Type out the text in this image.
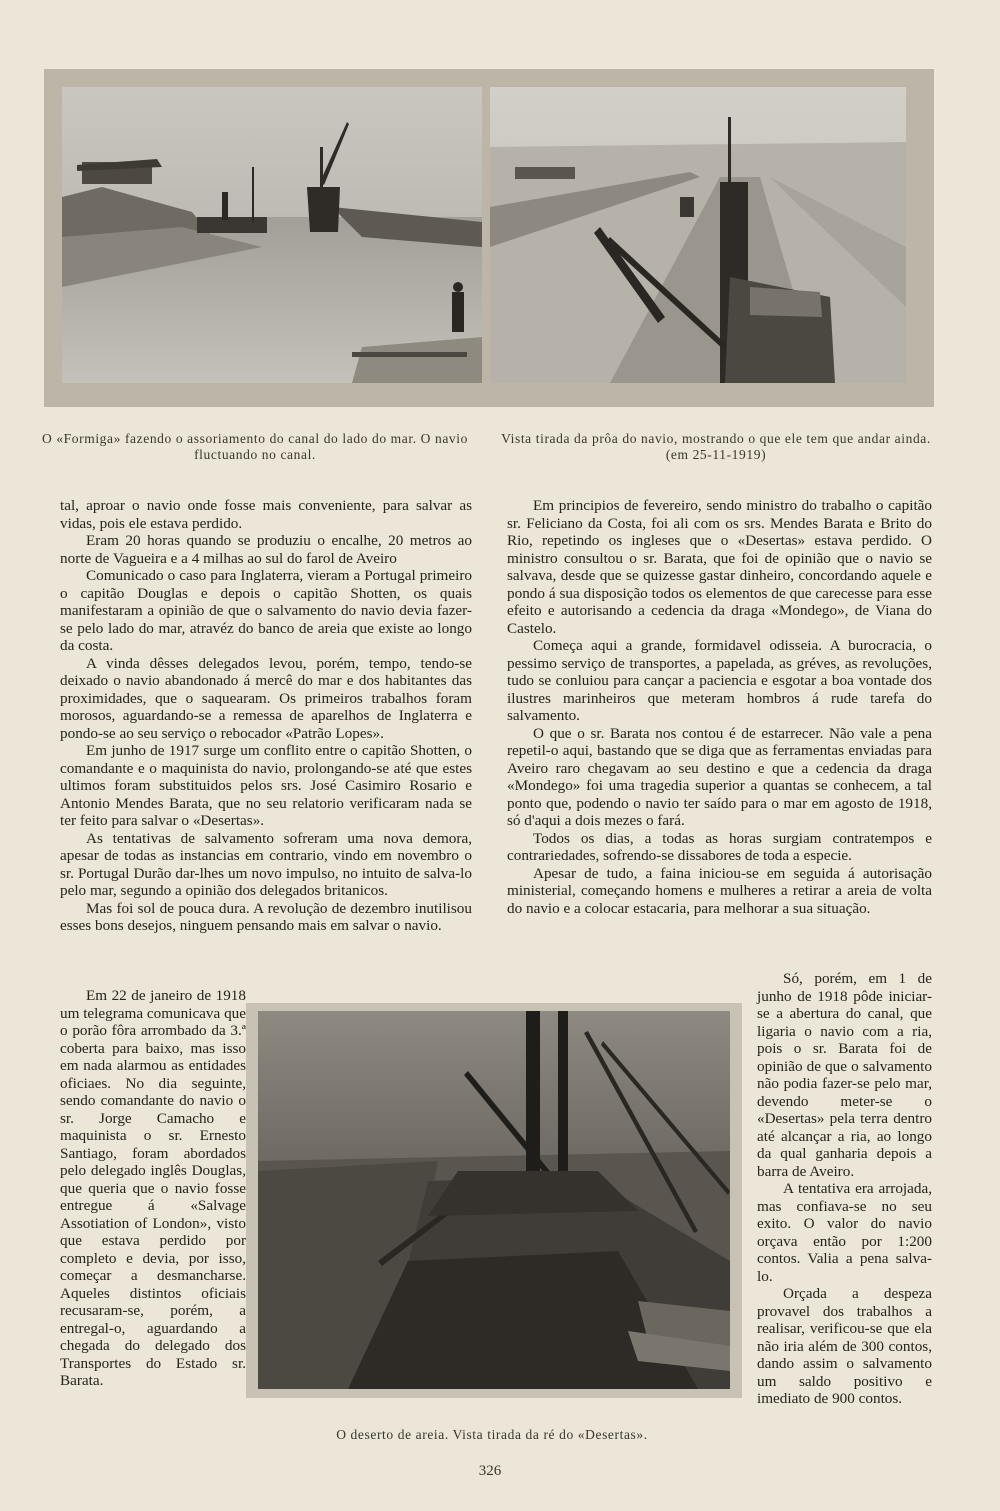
O «Formiga» fazendo o assoriamento do canal do lado do mar. O navio fluctuando no canal.
Vista tirada da prôa do navio, mostrando o que ele tem que andar ainda. (em 25-11-1919)

tal, aproar o navio onde fosse mais conveniente, para salvar as vidas, pois ele estava perdido.

Eram 20 horas quando se produziu o encalhe, 20 metros ao norte de Vagueira e a 4 milhas ao sul do farol de Aveiro

Comunicado o caso para Inglaterra, vieram a Portugal primeiro o capitão Douglas e depois o capitão Shotten, os quais manifestaram a opinião de que o salvamento do navio devia fazer-se pelo lado do mar, atravéz do banco de areia que existe ao longo da costa.

A vinda dêsses delegados levou, porém, tempo, tendo-se deixado o navio abandonado á mercê do mar e dos habitantes das proximidades, que o saquearam. Os primeiros trabalhos foram morosos, aguardando-se a remessa de aparelhos de Inglaterra e pondo-se ao seu serviço o rebocador «Patrão Lopes».

Em junho de 1917 surge um conflito entre o capitão Shotten, o comandante e o maquinista do navio, prolongando-se até que estes ultimos foram substituidos pelos srs. José Casimiro Rosario e Antonio Mendes Barata, que no seu relatorio verificaram nada se ter feito para salvar o «Desertas».

As tentativas de salvamento sofreram uma nova demora, apesar de todas as instancias em contrario, vindo em novembro o sr. Portugal Durão dar-lhes um novo impulso, no intuito de salva-lo pelo mar, segundo a opinião dos delegados britanicos.

Mas foi sol de pouca dura. A revolução de dezembro inutilisou esses bons desejos, ninguem pensando mais em salvar o navio.

Em 22 de janeiro de 1918 um telegrama comunicava que o porão fôra arrombado da 3.ª coberta para baixo, mas isso em nada alarmou as entidades oficiaes. No dia seguinte, sendo comandante do navio o sr. Jorge Camacho e maquinista o sr. Ernesto Santiago, foram abordados pelo delegado inglês Douglas, que queria que o navio fosse entregue á «Salvage Assotiation of London», visto que estava perdido por completo e devia, por isso, começar a desmancharse. Aqueles distintos oficiais recusaram-se, porém, a entregal-o, aguardando a chegada do delegado dos Transportes do Estado sr. Barata.

Em principios de fevereiro, sendo ministro do trabalho o capitão sr. Feliciano da Costa, foi ali com os srs. Mendes Barata e Brito do Rio, repetindo os ingleses que o «Desertas» estava perdido. O ministro consultou o sr. Barata, que foi de opinião que o navio se salvava, desde que se quizesse gastar dinheiro, concordando aquele e pondo á sua disposição todos os elementos de que carecesse para esse efeito e autorisando a cedencia da draga «Mondego», de Viana do Castelo.

Começa aqui a grande, formidavel odisseia. A burocracia, o pessimo serviço de transportes, a papelada, as gréves, as revoluções, tudo se conluiou para cançar a paciencia e esgotar a boa vontade dos ilustres marinheiros que meteram hombros á rude tarefa do salvamento.

O que o sr. Barata nos contou é de estarrecer. Não vale a pena repetil-o aqui, bastando que se diga que as ferramentas enviadas para Aveiro raro chegavam ao seu destino e que a cedencia da draga «Mondego» foi uma tragedia superior a quantas se conhecem, a tal ponto que, podendo o navio ter saído para o mar em agosto de 1918, só d'aqui a dois mezes o fará.

Todos os dias, a todas as horas surgiam contratempos e contrariedades, sofrendo-se dissabores de toda a especie.

Apesar de tudo, a faina iniciou-se em seguida á autorisação ministerial, começando homens e mulheres a retirar a areia de volta do navio e a colocar estacaria, para melhorar a sua situação.

Só, porém, em 1 de junho de 1918 pôde iniciar-se a abertura do canal, que ligaria o navio com a ria, pois o sr. Barata foi de opinião de que o salvamento não podia fazer-se pelo mar, devendo meter-se o «Desertas» pela terra dentro até alcançar a ria, ao longo da qual ganharia depois a barra de Aveiro.

A tentativa era arrojada, mas confiava-se no seu exito. O valor do navio orçava então por 1:200 contos. Valia a pena salva-lo.

Orçada a despeza provavel dos trabalhos a realisar, verificou-se que ela não iria além de 300 contos, dando assim o salvamento um saldo positivo e imediato de 900 contos.

O deserto de areia. Vista tirada da ré do «Desertas».
326
